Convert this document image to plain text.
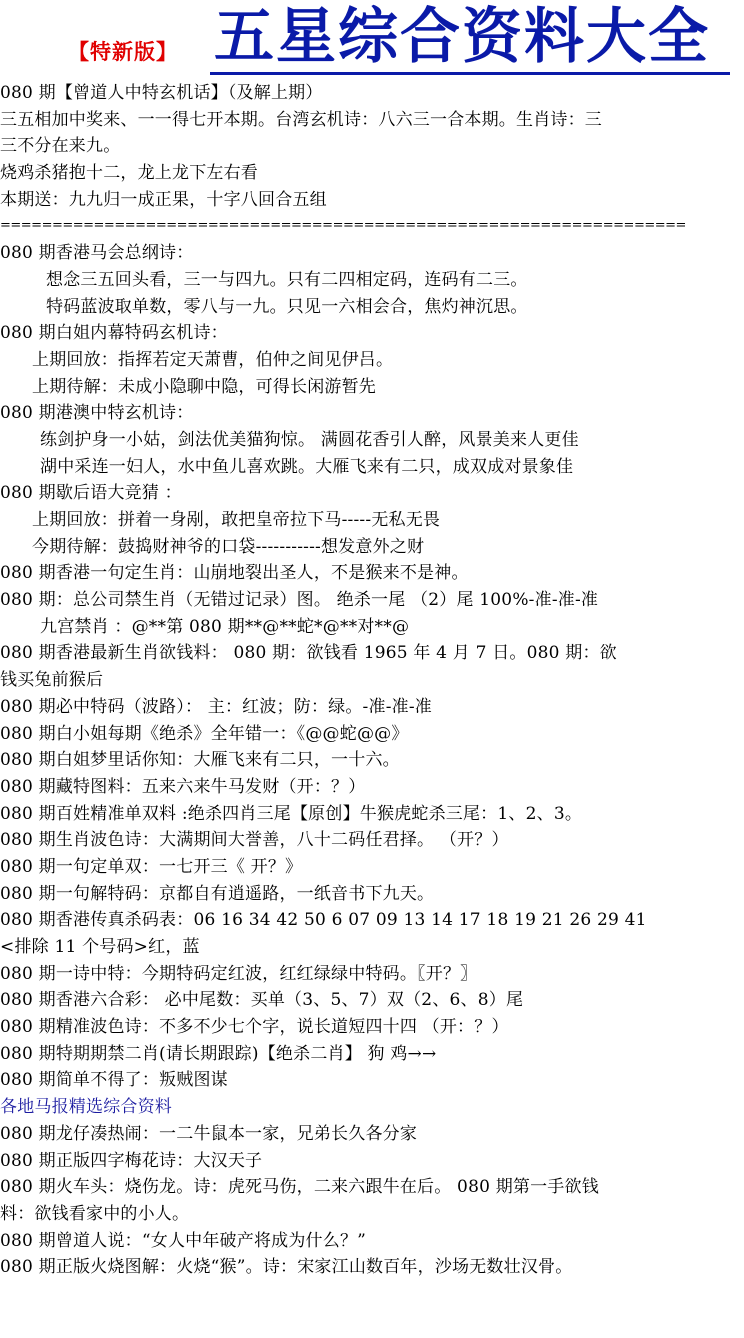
【特新版】 五星综合资料大全
080 期【曾道人中特玄机话】（及解上期）
三五相加中奖来、一一得七开本期。台湾玄机诗：八六三一合本期。生肖诗：三
三不分在来九。
烧鸡杀猪抱十二，龙上龙下左右看
本期送：九九归一成正果，十字八回合五组
==================================================================
080 期香港马会总纲诗：
想念三五回头看，三一与四九。只有二四相定码，连码有二三。
特码蓝波取单数，零八与一九。只见一六相会合，焦灼神沉思。
080 期白姐内幕特码玄机诗：
上期回放：指挥若定天萧曹，伯仲之间见伊吕。
上期待解：未成小隐聊中隐，可得长闲游暂先
080 期港澳中特玄机诗：
练剑护身一小姑，剑法优美猫狗惊。 满圆花香引人醉，风景美来人更佳
湖中采连一妇人，水中鱼儿喜欢跳。大雁飞来有二只，成双成对景象佳
080 期歇后语大竞猜 ：
上期回放：拼着一身剐，敢把皇帝拉下马-----无私无畏
今期待解：鼓捣财神爷的口袋-----------想发意外之财
080 期香港一句定生肖：山崩地裂出圣人，不是猴来不是神。
080 期：总公司禁生肖（无错过记录）图。 绝杀一尾 （2）尾 100%-准-准-准
九宫禁肖 ：@**第 080 期**@**蛇*@**对**@
080 期香港最新生肖欲钱料： 080 期：欲钱看 1965 年 4 月 7 日。080 期：欲
钱买兔前猴后
080 期必中特码（波路）： 主：红波；防：绿。-准-准-准
080 期白小姐每期《绝杀》全年错一：《@@蛇@@》
080 期白姐梦里话你知：大雁飞来有二只，一十六。
080 期藏特图料：五来六来牛马发财（开：？）
080 期百姓精准单双料 :绝杀四肖三尾【原创】牛猴虎蛇杀三尾：1、2、3。
080 期生肖波色诗：大满期间大誉善，八十二码任君择。 （开？）
080 期一句定单双：一七开三《 开？》
080 期一句解特码：京都自有逍遥路，一纸音书下九天。
080 期香港传真杀码表：06 16 34 42 50 6 07 09 13 14 17 18 19 21 26 29 41
<排除 11 个号码>红，蓝
080 期一诗中特：今期特码定红波，红红绿绿中特码。〖开？〗
080 期香港六合彩： 必中尾数：买单（3、5、7）双（2、6、8）尾
080 期精准波色诗：不多不少七个字，说长道短四十四 （开：？）
080 期特期期禁二肖(请长期跟踪)【绝杀二肖】 狗 鸡→→
080 期简单不得了：叛贼图谋
各地马报精选综合资料
080 期龙仔凑热闹：一二牛鼠本一家，兄弟长久各分家
080 期正版四字梅花诗：大汉天子
080 期火车头：烧伤龙。诗：虎死马伤，二来六跟牛在后。 080 期第一手欲钱
料：欲钱看家中的小人。
080 期曾道人说：“女人中年破产将成为什么？”
080 期正版火烧图解：火烧“猴”。诗：宋家江山数百年，沙场无数壮汉骨。
